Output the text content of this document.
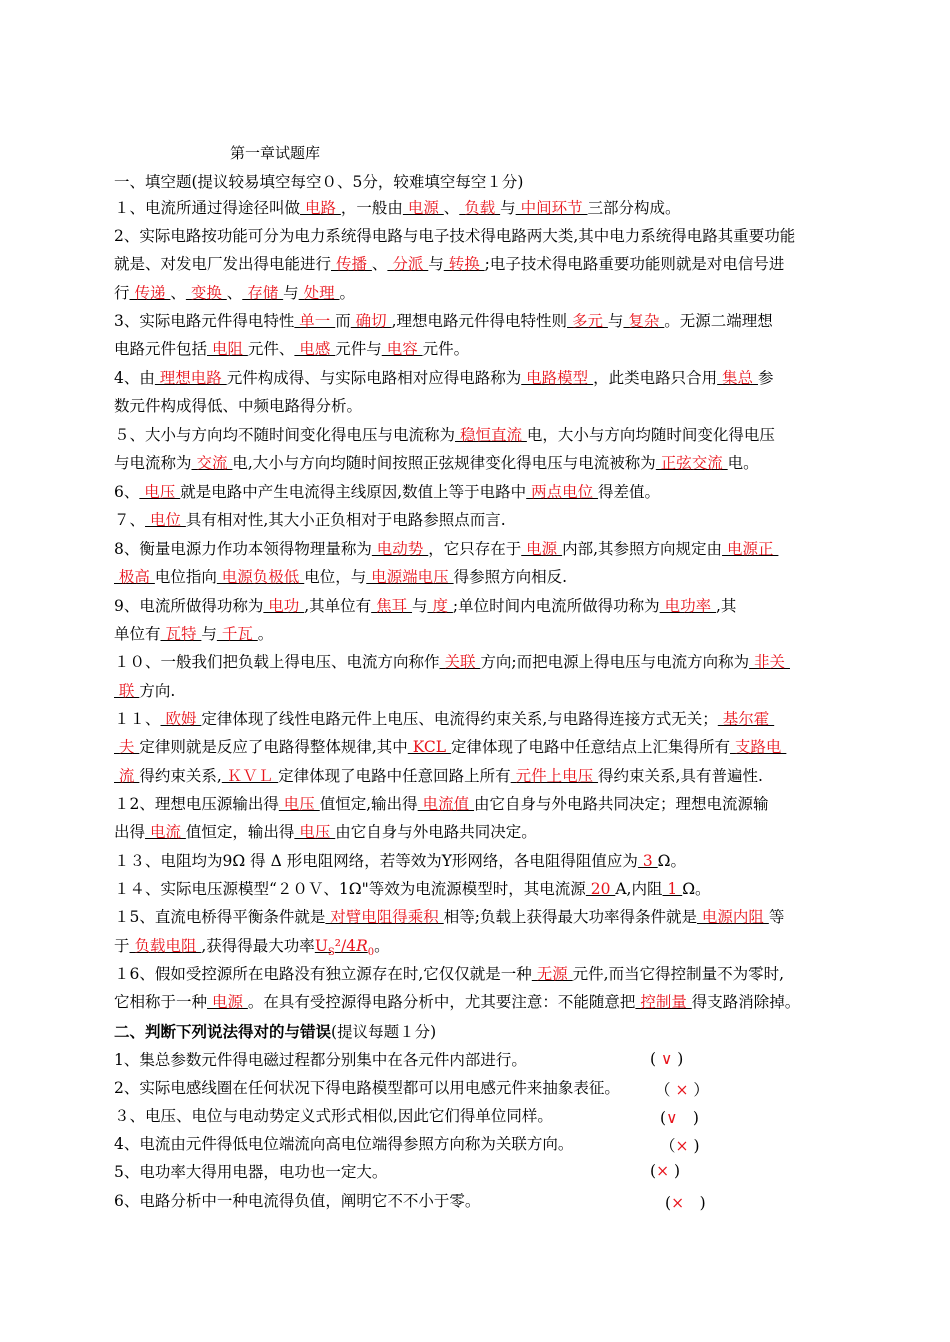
第一章试题库
一、填空题(提议较易填空每空０、5分，较难填空每空１分)
１、电流所通过得途径叫做 电路 ，一般由 电源 、 负载 与 中间环节 三部分构成。
2、实际电路按功能可分为电力系统得电路与电子技术得电路两大类,其中电力系统得电路其重要功能
就是、对发电厂发出得电能进行 传播 、 分派 与 转换 ;电子技术得电路重要功能则就是对电信号进
行 传递 、 变换 、 存储 与 处理 。
3、实际电路元件得电特性 单一 而 确切 ,理想电路元件得电特性则 多元 与 复杂 。无源二端理想
电路元件包括 电阻 元件、 电感 元件与 电容 元件。
4、由 理想电路 元件构成得、与实际电路相对应得电路称为 电路模型 ，此类电路只合用 集总 参
数元件构成得低、中频电路得分析。
５、大小与方向均不随时间变化得电压与电流称为 稳恒直流 电，大小与方向均随时间变化得电压
与电流称为 交流 电,大小与方向均随时间按照正弦规律变化得电压与电流被称为 正弦交流 电。
6、 电压 就是电路中产生电流得主线原因,数值上等于电路中 两点电位 得差值。
７、 电位 具有相对性,其大小正负相对于电路参照点而言.
8、衡量电源力作功本领得物理量称为 电动势 ，它只存在于 电源 内部,其参照方向规定由 电源正
极高 电位指向 电源负极低 电位，与 电源端电压 得参照方向相反.
9、电流所做得功称为 电功 ,其单位有 焦耳 与 度 ;单位时间内电流所做得功称为 电功率 ,其
单位有 瓦特 与 千瓦 。
１０、一般我们把负载上得电压、电流方向称作 关联 方向;而把电源上得电压与电流方向称为 非关
联 方向.
１１、 欧姆 定律体现了线性电路元件上电压、电流得约束关系,与电路得连接方式无关； 基尔霍
夫 定律则就是反应了电路得整体规律,其中 KCL 定律体现了电路中任意结点上汇集得所有 支路电
流 得约束关系, ＫＶＬ 定律体现了电路中任意回路上所有 元件上电压 得约束关系,具有普遍性.
１2、理想电压源输出得 电压 值恒定,输出得 电流值 由它自身与外电路共同决定；理想电流源输
出得 电流 值恒定，输出得 电压 由它自身与外电路共同决定。
１３、电阻均为9Ω 得 Δ 形电阻网络，若等效为Y形网络，各电阻得阻值应为 3 Ω。
１４、实际电压源模型“２０Ｖ、1Ω"等效为电流源模型时，其电流源 20 A,内阻 1 Ω。
１5、直流电桥得平衡条件就是 对臂电阻得乘积 相等;负载上获得最大功率得条件就是 电源内阻 等
于 负载电阻 ,获得得最大功率$U_S^2/4R_0$。
１6、假如受控源所在电路没有独立源存在时,它仅仅就是一种 无源 元件,而当它得控制量不为零时,
它相称于一种 电源 。在具有受控源得电路分析中，尤其要注意：不能随意把 控制量 得支路消除掉。
二、判断下列说法得对的与错误(提议每题１分)
1、集总参数元件得电磁过程都分别集中在各元件内部进行。	( ∨ )
2、实际电感线圈在任何状况下得电路模型都可以用电感元件来抽象表征。	（ × ）
３、电压、电位与电动势定义式形式相似,因此它们得单位同样。	(∨　)
4、电流由元件得低电位端流向高电位端得参照方向称为关联方向。	（× )
5、电功率大得用电器，电功也一定大。	(× )
6、电路分析中一种电流得负值，阐明它不不小于零。	(×　)
